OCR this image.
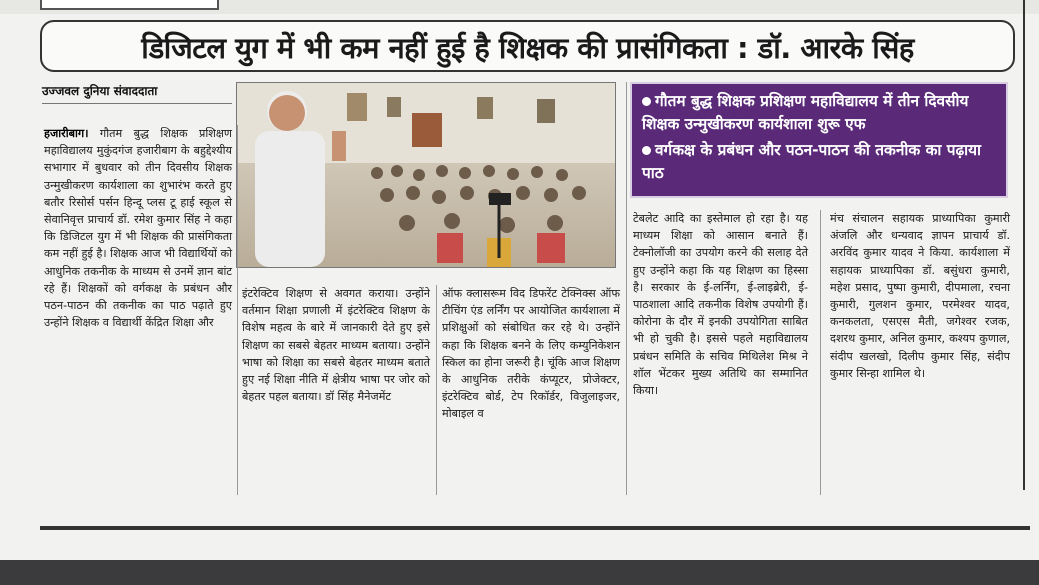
डिजिटल युग में भी कम नहीं हुई है शिक्षक की प्रासंगिकता : डॉ. आरके सिंह
उज्जवल दुनिया संवाददाता
हजारीबाग। गौतम बुद्ध शिक्षक प्रशिक्षण महाविद्यालय मुकुंदगंज हजारीबाग के बहुद्देश्यीय सभागार में बुधवार को तीन दिवसीय शिक्षक उन्मुखीकरण कार्यशाला का शुभारंभ करते हुए बतौर रिसोर्स पर्सन हिन्दू प्लस टू हाई स्कूल से सेवानिवृत्त प्राचार्य डॉ. रमेश कुमार सिंह ने कहा कि डिजिटल युग में भी शिक्षक की प्रासंगिकता कम नहीं हुई है। शिक्षक आज भी विद्यार्थियों को आधुनिक तकनीक के माध्यम से उनमें ज्ञान बांट रहे हैं। शिक्षकों को वर्गकक्ष के प्रबंधन और पठन-पाठन की तकनीक का पाठ पढ़ाते हुए उन्होंने शिक्षक व विद्यार्थी केंद्रित शिक्षा और
गौतम बुद्ध शिक्षक प्रशिक्षण महाविद्यालय में तीन दिवसीय शिक्षक उन्मुखीकरण कार्यशाला शुरू एफ
वर्गकक्ष के प्रबंधन और पठन-पाठन की तकनीक का पढ़ाया पाठ
इंटरेक्टिव शिक्षण से अवगत कराया। उन्होंने वर्तमान शिक्षा प्रणाली में इंटरेक्टिव शिक्षण के विशेष महत्व के बारे में जानकारी देते हुए इसे शिक्षण का सबसे बेहतर माध्यम बताया। उन्होंने भाषा को शिक्षा का सबसे बेहतर माध्यम बताते हुए नई शिक्षा नीति में क्षेत्रीय भाषा पर जोर को बेहतर पहल बताया। डॉ सिंह मैनेजमेंट
ऑफ क्लासरूम विद डिफरेंट टेक्निक्स ऑफ टीचिंग एंड लर्निंग पर आयोजित कार्यशाला में प्रशिक्षुओं को संबोधित कर रहे थे। उन्होंने कहा कि शिक्षक बनने के लिए कम्युनिकेशन स्किल का होना जरूरी है। चूंकि आज शिक्षण के आधुनिक तरीके कंप्यूटर, प्रोजेक्टर, इंटरेक्टिव बोर्ड, टेप रिकॉर्डर, विजुलाइजर, मोबाइल व
टेबलेट आदि का इस्तेमाल हो रहा है। यह माध्यम शिक्षा को आसान बनाते हैं। टेक्नोलॉजी का उपयोग करने की सलाह देते हुए उन्होंने कहा कि यह शिक्षण का हिस्सा है। सरकार के ई-लर्निंग, ई-लाइब्रेरी, ई-पाठशाला आदि तकनीक विशेष उपयोगी हैं। कोरोना के दौर में इनकी उपयोगिता साबित भी हो चुकी है। इससे पहले महाविद्यालय प्रबंधन समिति के सचिव मिथिलेश मिश्र ने शॉल भेंटकर मुख्य अतिथि का सम्मानित किया।
मंच संचालन सहायक प्राध्यापिका कुमारी अंजलि और धन्यवाद ज्ञापन प्राचार्य डॉ. अरविंद कुमार यादव ने किया. कार्यशाला में सहायक प्राध्यापिका डॉ. बसुंधरा कुमारी, महेश प्रसाद, पुष्पा कुमारी, दीपमाला, रचना कुमारी, गुलशन कुमार, परमेश्वर यादव, कनकलता, एसएस मैती, जगेश्वर रजक, दशरथ कुमार, अनिल कुमार, कश्यप कुणाल, संदीप खलखो, दिलीप कुमार सिंह, संदीप कुमार सिन्हा शामिल थे।
